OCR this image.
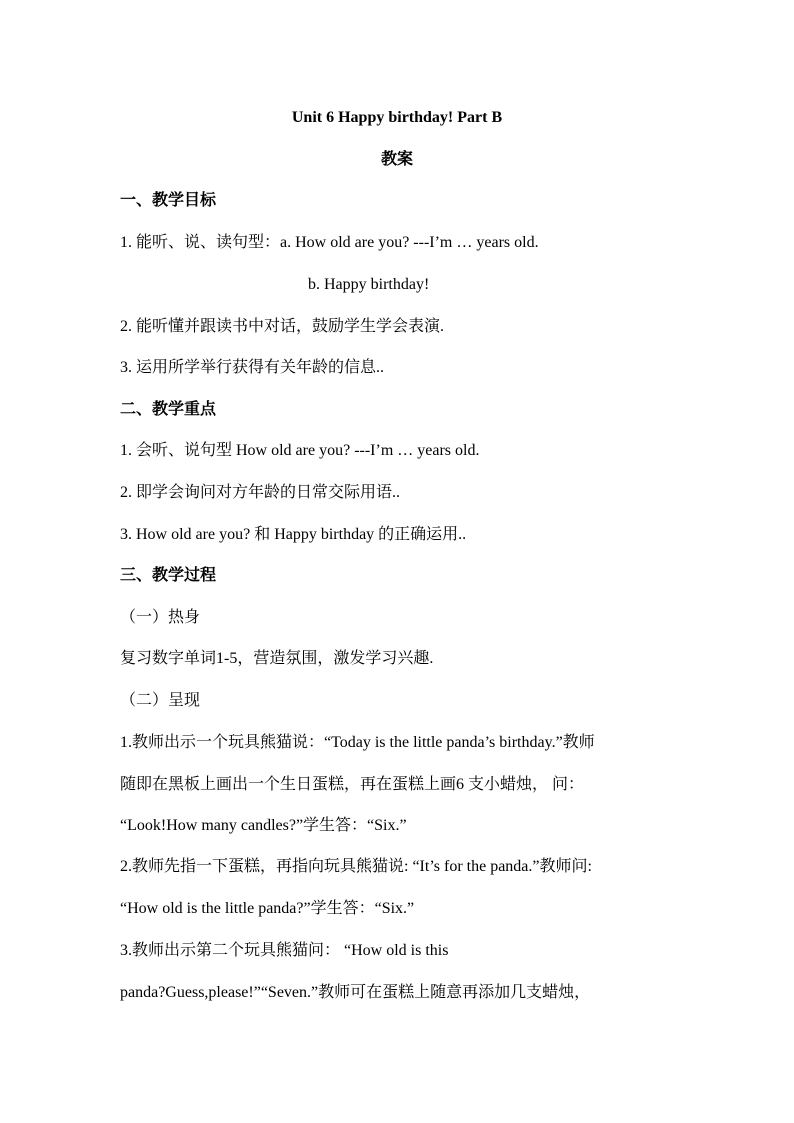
Unit 6 Happy birthday! Part B
教案
一、教学目标
1. 能听、说、读句型：a. How old are you? ---I’m … years old.
b. Happy birthday!
2. 能听懂并跟读书中对话，鼓励学生学会表演.
3. 运用所学举行获得有关年龄的信息..
二、教学重点
1. 会听、说句型 How old are you? ---I’m … years old.
2. 即学会询问对方年龄的日常交际用语..
3. How old are you? 和 Happy birthday 的正确运用..
三、教学过程
（一）热身
复习数字单词1-5，营造氛围，激发学习兴趣.
（二）呈现
1.教师出示一个玩具熊猫说：“Today is the little panda’s birthday.”教师
随即在黑板上画出一个生日蛋糕，再在蛋糕上画6 支小蜡烛， 问：
“Look!How many candles?”学生答：“Six.”
2.教师先指一下蛋糕，再指向玩具熊猫说: “It’s for the panda.”教师问:
“How old is the little panda?”学生答：“Six.”
3.教师出示第二个玩具熊猫问： “How old is this
panda?Guess,please!”“Seven.”教师可在蛋糕上随意再添加几支蜡烛，
